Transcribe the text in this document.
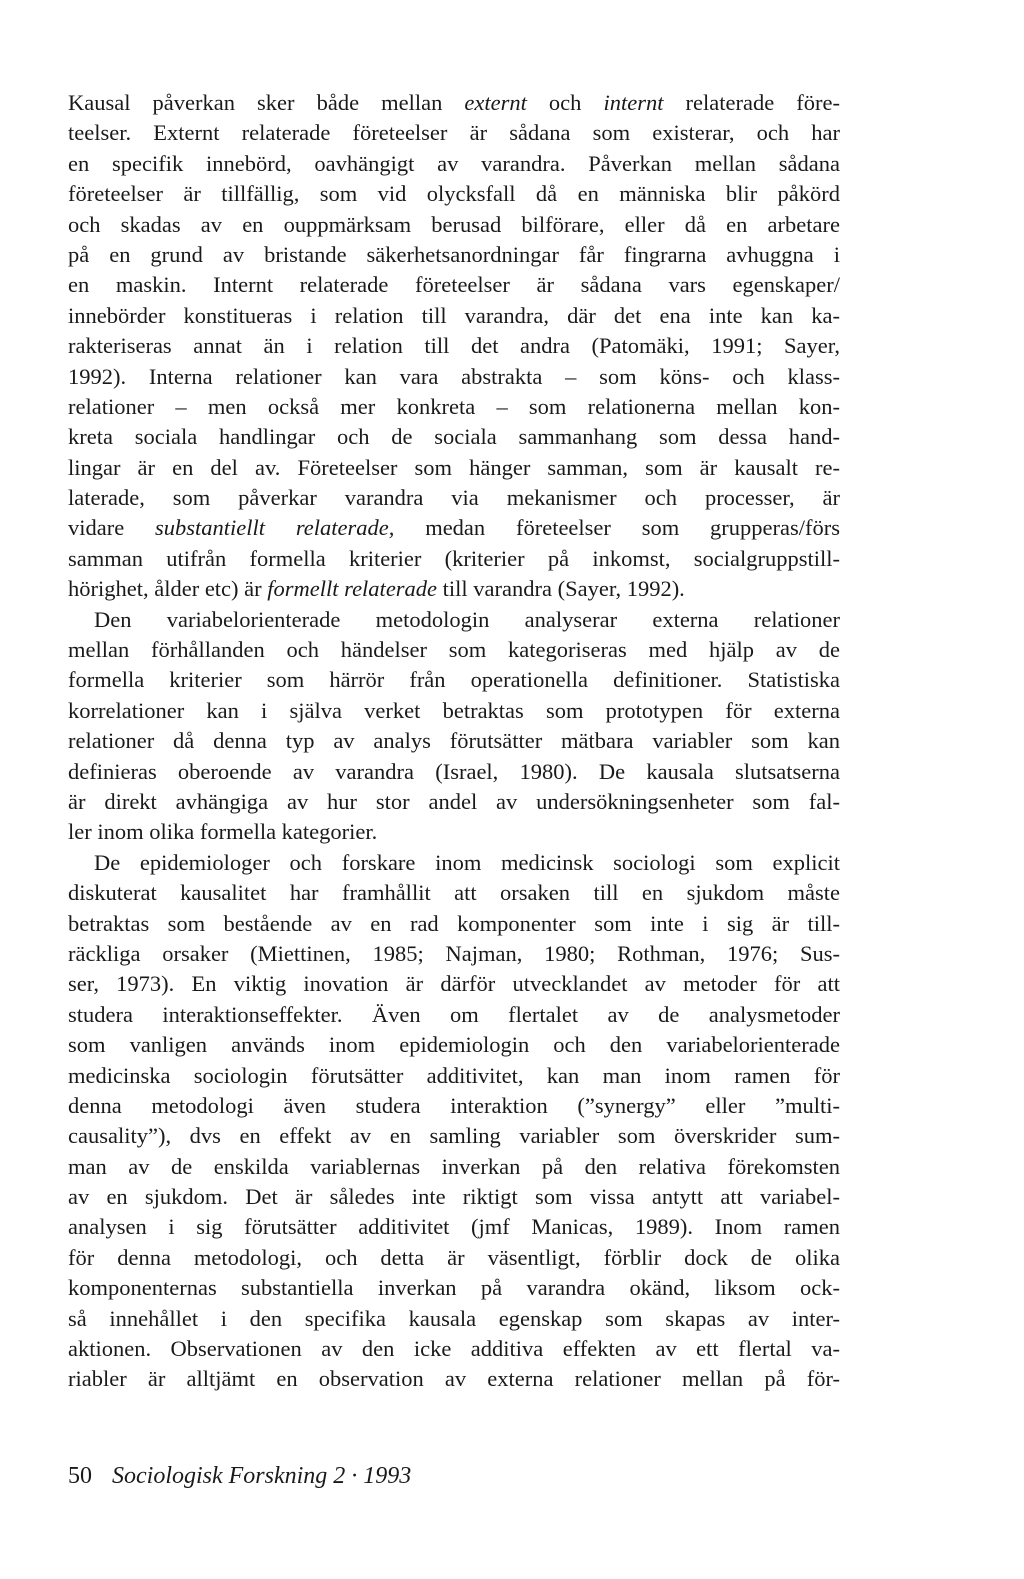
Kausal påverkan sker både mellan externt och internt relaterade före-
teelser. Externt relaterade företeelser är sådana som existerar, och har
en specifik innebörd, oavhängigt av varandra. Påverkan mellan sådana
företeelser är tillfällig, som vid olycksfall då en människa blir påkörd
och skadas av en ouppmärksam berusad bilförare, eller då en arbetare
på en grund av bristande säkerhetsanordningar får fingrarna avhuggna i
en maskin. Internt relaterade företeelser är sådana vars egenskaper/
innebörder konstitueras i relation till varandra, där det ena inte kan ka-
rakteriseras annat än i relation till det andra (Patomäki, 1991; Sayer,
1992). Interna relationer kan vara abstrakta – som köns- och klass-
relationer – men också mer konkreta – som relationerna mellan kon-
kreta sociala handlingar och de sociala sammanhang som dessa hand-
lingar är en del av. Företeelser som hänger samman, som är kausalt re-
laterade, som påverkar varandra via mekanismer och processer, är
vidare substantiellt relaterade, medan företeelser som grupperas/förs
samman utifrån formella kriterier (kriterier på inkomst, socialgruppstill-
hörighet, ålder etc) är formellt relaterade till varandra (Sayer, 1992).
Den variabelorienterade metodologin analyserar externa relationer
mellan förhållanden och händelser som kategoriseras med hjälp av de
formella kriterier som härrör från operationella definitioner. Statistiska
korrelationer kan i själva verket betraktas som prototypen för externa
relationer då denna typ av analys förutsätter mätbara variabler som kan
definieras oberoende av varandra (Israel, 1980). De kausala slutsatserna
är direkt avhängiga av hur stor andel av undersökningsenheter som fal-
ler inom olika formella kategorier.
De epidemiologer och forskare inom medicinsk sociologi som explicit
diskuterat kausalitet har framhållit att orsaken till en sjukdom måste
betraktas som bestående av en rad komponenter som inte i sig är till-
räckliga orsaker (Miettinen, 1985; Najman, 1980; Rothman, 1976; Sus-
ser, 1973). En viktig inovation är därför utvecklandet av metoder för att
studera interaktionseffekter. Även om flertalet av de analysmetoder
som vanligen används inom epidemiologin och den variabelorienterade
medicinska sociologin förutsätter additivitet, kan man inom ramen för
denna metodologi även studera interaktion (”synergy” eller ”multi-
causality”), dvs en effekt av en samling variabler som överskrider sum-
man av de enskilda variablernas inverkan på den relativa förekomsten
av en sjukdom. Det är således inte riktigt som vissa antytt att variabel-
analysen i sig förutsätter additivitet (jmf Manicas, 1989). Inom ramen
för denna metodologi, och detta är väsentligt, förblir dock de olika
komponenternas substantiella inverkan på varandra okänd, liksom ock-
så innehållet i den specifika kausala egenskap som skapas av inter-
aktionen. Observationen av den icke additiva effekten av ett flertal va-
riabler är alltjämt en observation av externa relationer mellan på för-
50 Sociologisk Forskning 2 · 1993
